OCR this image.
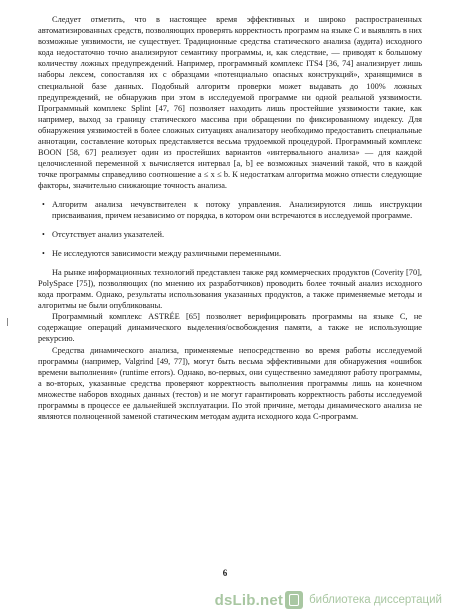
Следует отметить, что в настоящее время эффективных и широко распространенных автоматизированных средств, позволяющих проверять корректность программ на языке С и выявлять в них возможные уязвимости, не существует. Традиционные средства статического анализа (аудита) исходного кода недостаточно точно анализируют семантику программы, и, как следствие, — приводят к большому количеству ложных предупреждений. Например, программный комплекс ITS4 [36, 74] анализирует лишь наборы лексем, сопоставляя их с образцами «потенциально опасных конструкций», хранящимися в специальной базе данных. Подобный алгоритм проверки может выдавать до 100% ложных предупреждений, не обнаружив при этом в исследуемой программе ни одной реальной уязвимости. Программный комплекс Splint [47, 76] позволяет находить лишь простейшие уязвимости такие, как например, выход за границу статического массива при обращении по фиксированному индексу. Для обнаружения уязвимостей в более сложных ситуациях анализатору необходимо предоставить специальные аннотации, составление которых представляется весьма трудоемкой процедурой. Программный комплекс BOON [58, 67] реализует один из простейших вариантов «интервального анализа» — для каждой целочисленной переменной x вычисляется интервал [a, b] ее возможных значений такой, что в каждой точке программы справедливо соотношение a ≤ x ≤ b. К недостаткам алгоритма можно отнести следующие факторы, значительно снижающие точность анализа.

• Алгоритм анализа нечувствителен к потоку управления. Анализируются лишь инструкции присваивания, причем независимо от порядка, в котором они встречаются в исследуемой программе.
• Отсутствует анализ указателей.
• Не исследуются зависимости между различными переменными.

На рынке информационных технологий представлен также ряд коммерческих продуктов (Coverity [70], PolySpace [75]), позволяющих (по мнению их разработчиков) проводить более точный анализ исходного кода программ. Однако, результаты использования указанных продуктов, а также применяемые методы и алгоритмы не были опубликованы.

Программный комплекс ASTRÉE [65] позволяет верифицировать программы на языке С, не содержащие операций динамического выделения/освобождения памяти, а также не использующие рекурсию.

Средства динамического анализа, применяемые непосредственно во время работы исследуемой программы (например, Valgrind [49, 77]), могут быть весьма эффективными для обнаружения «ошибок времени выполнения» (runtime errors). Однако, во-первых, они существенно замедляют работу программы, а во-вторых, указанные средства проверяют корректность выполнения программы лишь на конечном множестве наборов входных данных (тестов) и не могут гарантировать корректность работы исследуемой программы в процессе ее дальнейшей эксплуатации. По этой причине, методы динамического анализа не являются полноценной заменой статическим методам аудита исходного кода С-программ.

6
dsLib.net библиотека диссертаций
